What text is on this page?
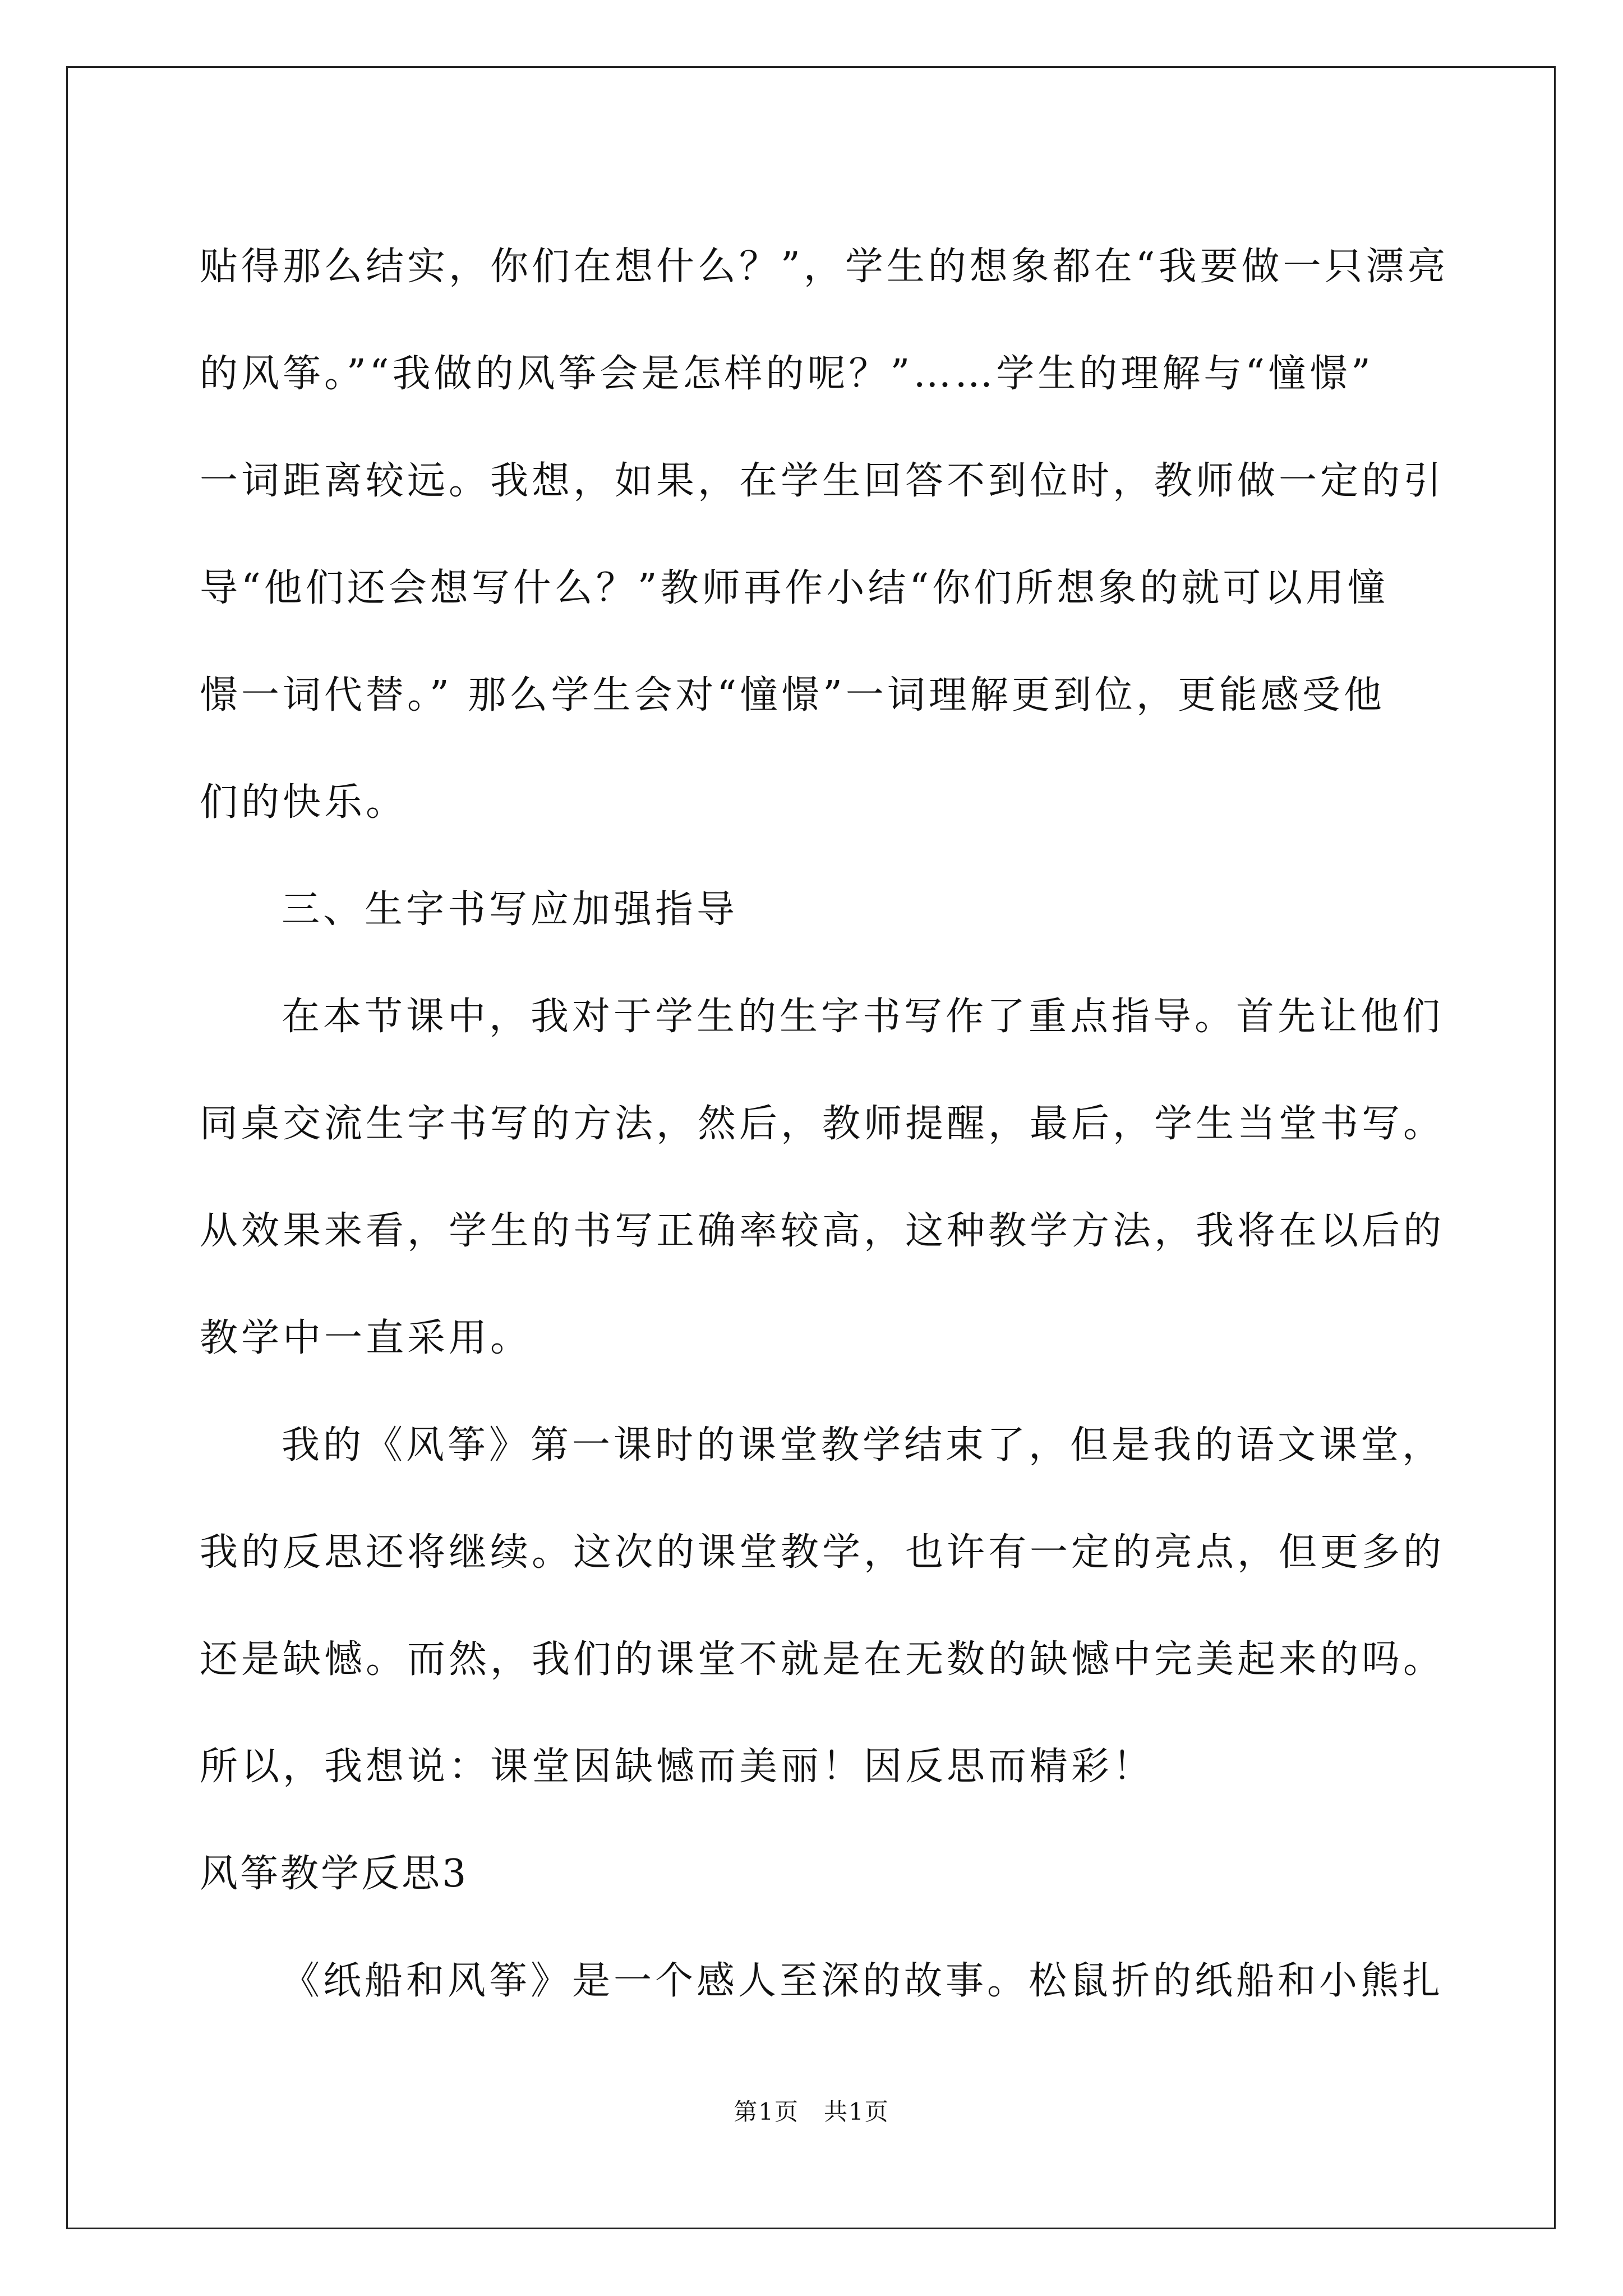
贴得那么结实，你们在想什么？”，学生的想象都在“我要做一只漂亮
的风筝。”“我做的风筝会是怎样的呢？”……学生的理解与“憧憬”
一词距离较远。我想，如果，在学生回答不到位时，教师做一定的引
导“他们还会想写什么？”教师再作小结“你们所想象的就可以用憧
憬一词代替。” 那么学生会对“憧憬”一词理解更到位，更能感受他
们的快乐。
三、生字书写应加强指导
在本节课中，我对于学生的生字书写作了重点指导。首先让他们
同桌交流生字书写的方法，然后，教师提醒，最后，学生当堂书写。
从效果来看，学生的书写正确率较高，这种教学方法，我将在以后的
教学中一直采用。
我的《风筝》第一课时的课堂教学结束了，但是我的语文课堂，
我的反思还将继续。这次的课堂教学，也许有一定的亮点，但更多的
还是缺憾。而然，我们的课堂不就是在无数的缺憾中完美起来的吗。
所以，我想说：课堂因缺憾而美丽！因反思而精彩！
风筝教学反思3
《纸船和风筝》是一个感人至深的故事。松鼠折的纸船和小熊扎
第1页　共1页
